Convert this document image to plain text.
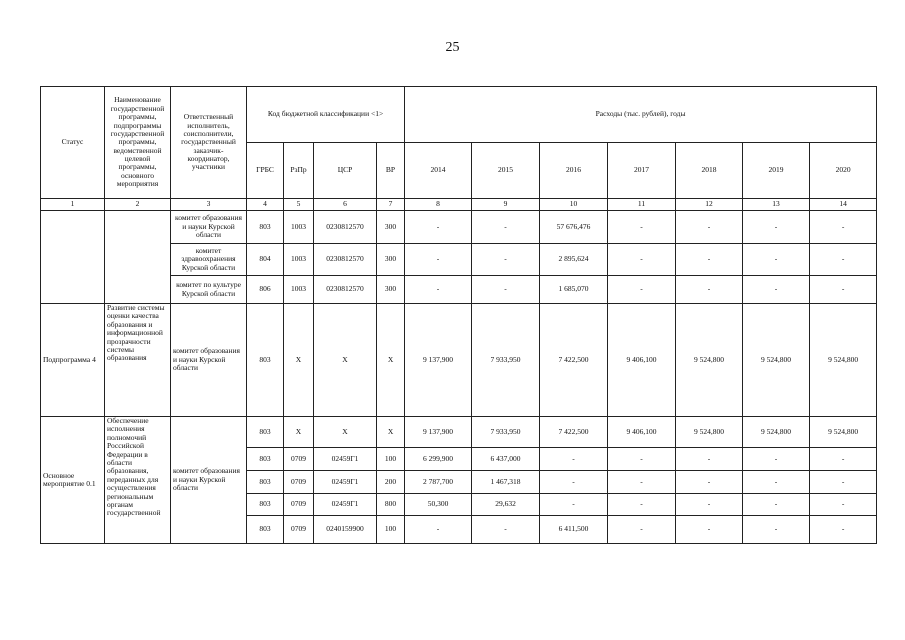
25
Статус	Наименование государственной программы, подпрограммы государственной программы, ведомственной целевой программы, основного мероприятия	Ответственный исполнитель, соисполнители, государственный заказчик-координатор, участники	Код бюджетной классификации <1>				Расходы (тыс. рублей), годы						
			ГРБС	РзПр	ЦСР	ВР	2014	2015	2016	2017	2018	2019	2020
1	2	3	4	5	6	7	8	9	10	11	12	13	14
		комитет образования и науки Курской области	803	1003	0230812570	300	-	-	57 676,476	-	-	-	-
		комитет здравоохранения Курской области	804	1003	0230812570	300	-	-	2 895,624	-	-	-	-
		комитет по культуре Курской области	806	1003	0230812570	300	-	-	1 685,070	-	-	-	-
Подпрограмма 4	Развитие системы оценки качества образования и информационной прозрачности системы образования	комитет образования и науки Курской области	803	Х	Х	Х	9 137,900	7 933,950	7 422,500	9 406,100	9 524,800	9 524,800	9 524,800
Основное мероприятие 0.1	Обеспечение исполнения полномочий Российской Федерации в области образования, переданных для осуществления региональным органам государственной	комитет образования и науки Курской области	803	Х	Х	Х	9 137,900	7 933,950	7 422,500	9 406,100	9 524,800	9 524,800	9 524,800
			803	0709	02459Г1	100	6 299,900	6 437,000	-	-	-	-	-
			803	0709	02459Г1	200	2 787,700	1 467,318	-	-	-	-	-
			803	0709	02459Г1	800	50,300	29,632	-	-	-	-	-
			803	0709	0240159900	100	-	-	6 411,500	-	-	-	-
